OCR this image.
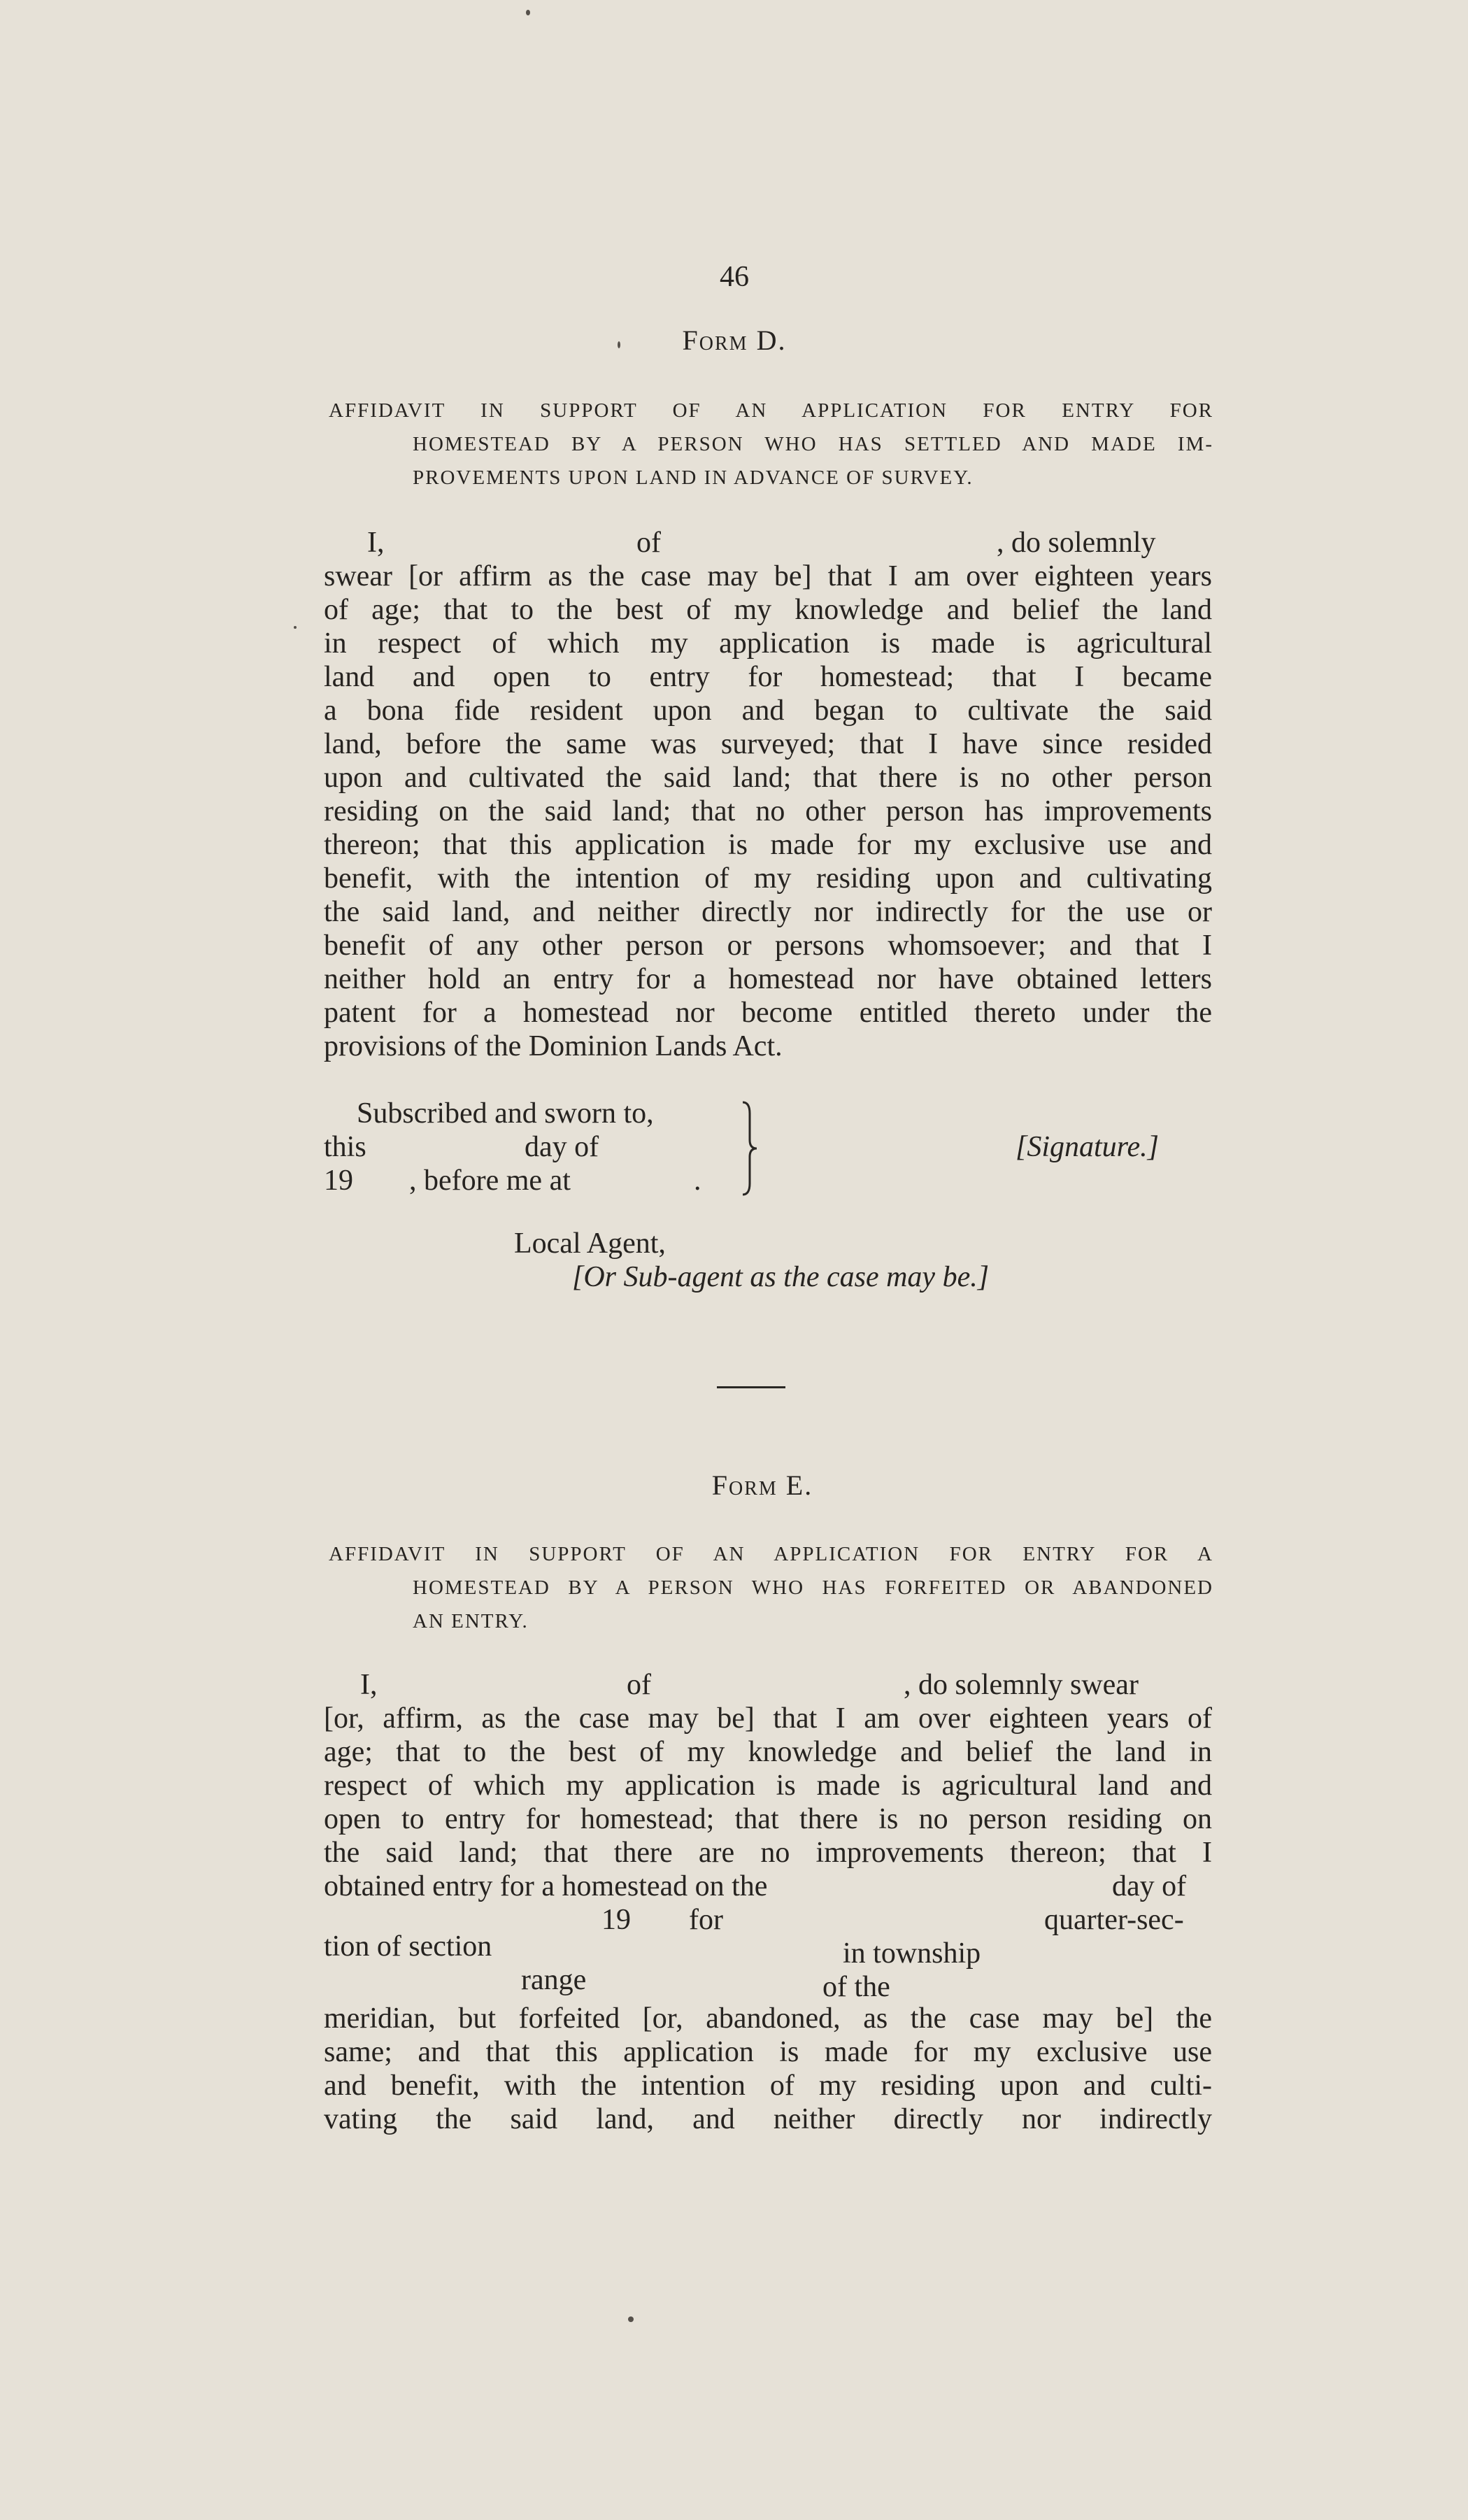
46
Form D.
AFFIDAVIT IN SUPPORT OF AN APPLICATION FOR ENTRY FOR
HOMESTEAD BY A PERSON WHO HAS SETTLED AND MADE IM-
PROVEMENTS UPON LAND IN ADVANCE OF SURVEY.
I,	of	, do solemnly
swear [or affirm as the case may be] that I am over eighteen years
of age; that to the best of my knowledge and belief the land
in respect of which my application is made is agricultural
land and open to entry for homestead; that I became
a bona fide resident upon and began to cultivate the said
land, before the same was surveyed; that I have since resided
upon and cultivated the said land; that there is no other person
residing on the said land; that no other person has improvements
thereon; that this application is made for my exclusive use and
benefit, with the intention of my residing upon and cultivating
the said land, and neither directly nor indirectly for the use or
benefit of any other person or persons whomsoever; and that I
neither hold an entry for a homestead nor have obtained letters
patent for a homestead nor become entitled thereto under the
provisions of the Dominion Lands Act.
Subscribed and sworn to,
this	day of
19 , before me at	.
[Signature.]
Local Agent,
[Or Sub-agent as the case may be.]
Form E.
AFFIDAVIT IN SUPPORT OF AN APPLICATION FOR ENTRY FOR A
HOMESTEAD BY A PERSON WHO HAS FORFEITED OR ABANDONED
AN ENTRY.
I,	of	, do solemnly swear
[or, affirm, as the case may be] that I am over eighteen years of
age; that to the best of my knowledge and belief the land in
respect of which my application is made is agricultural land and
open to entry for homestead; that there is no person residing on
the said land; that there are no improvements thereon; that I
obtained entry for a homestead on the	day of
19 for	quarter-sec-
tion of section	in township
range	of the
meridian, but forfeited [or, abandoned, as the case may be] the
same; and that this application is made for my exclusive use
and benefit, with the intention of my residing upon and culti-
vating the said land, and neither directly nor indirectly
